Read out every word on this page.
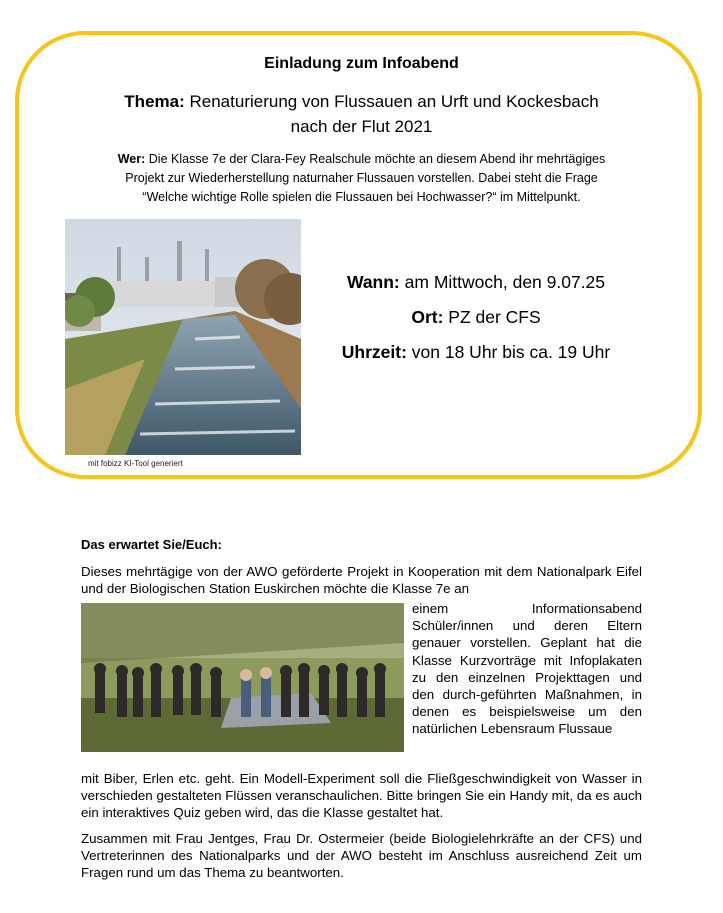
Einladung zum Infoabend
Thema: Renaturierung von Flussauen an Urft und Kockesbach
nach der Flut 2021
Wer: Die Klasse 7e der Clara-Fey Realschule möchte an diesem Abend ihr mehrtägiges
Projekt zur Wiederherstellung naturnaher Flussauen vorstellen. Dabei steht die Frage
“Welche wichtige Rolle spielen die Flussauen bei Hochwasser?“ im Mittelpunkt.
mit fobizz KI-Tool generiert
Wann: am Mittwoch, den 9.07.25
Ort: PZ der CFS
Uhrzeit: von 18 Uhr bis ca. 19 Uhr
Das erwartet Sie/Euch:
Dieses mehrtägige von der AWO geförderte Projekt in Kooperation mit dem Nationalpark Eifel und der Biologischen Station Euskirchen möchte die Klasse 7e an
einem Informationsabend Schüler/innen und deren Eltern genauer vorstellen. Geplant hat die Klasse Kurzvorträge mit Infoplakaten zu den einzelnen Projekttagen und den durch-geführten Maßnahmen, in denen es beispielsweise um den natürlichen Lebensraum Flussaue
mit Biber, Erlen etc. geht. Ein Modell-Experiment soll die Fließgeschwindigkeit von Wasser in verschieden gestalteten Flüssen veranschaulichen. Bitte bringen Sie ein Handy mit, da es auch ein interaktives Quiz geben wird, das die Klasse gestaltet hat.
Zusammen mit Frau Jentges, Frau Dr. Ostermeier (beide Biologielehrkräfte an der CFS) und Vertreterinnen des Nationalparks und der AWO besteht im Anschluss ausreichend Zeit um Fragen rund um das Thema zu beantworten.
